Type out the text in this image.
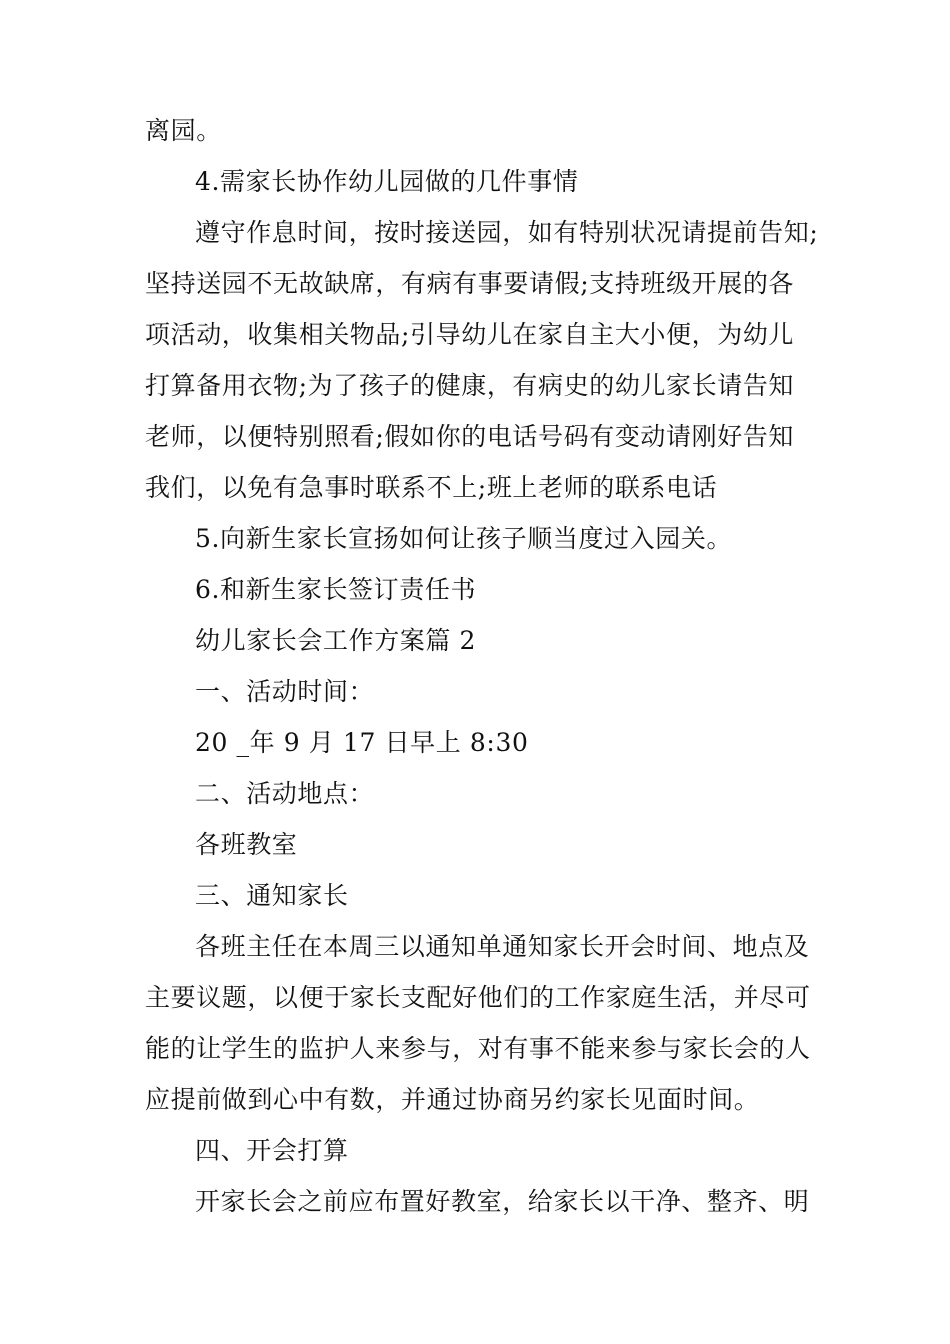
离园。
4.需家长协作幼儿园做的几件事情
遵守作息时间，按时接送园，如有特别状况请提前告知;
坚持送园不无故缺席，有病有事要请假;支持班级开展的各
项活动，收集相关物品;引导幼儿在家自主大小便，为幼儿
打算备用衣物;为了孩子的健康，有病史的幼儿家长请告知
老师，以便特别照看;假如你的电话号码有变动请刚好告知
我们，以免有急事时联系不上;班上老师的联系电话
5.向新生家长宣扬如何让孩子顺当度过入园关。
6.和新生家长签订责任书
幼儿家长会工作方案篇 2
一、活动时间：
20 _年 9 月 17 日早上 8:30
二、活动地点：
各班教室
三、通知家长
各班主任在本周三以通知单通知家长开会时间、地点及
主要议题，以便于家长支配好他们的工作家庭生活，并尽可
能的让学生的监护人来参与，对有事不能来参与家长会的人
应提前做到心中有数，并通过协商另约家长见面时间。
四、开会打算
开家长会之前应布置好教室，给家长以干净、整齐、明
